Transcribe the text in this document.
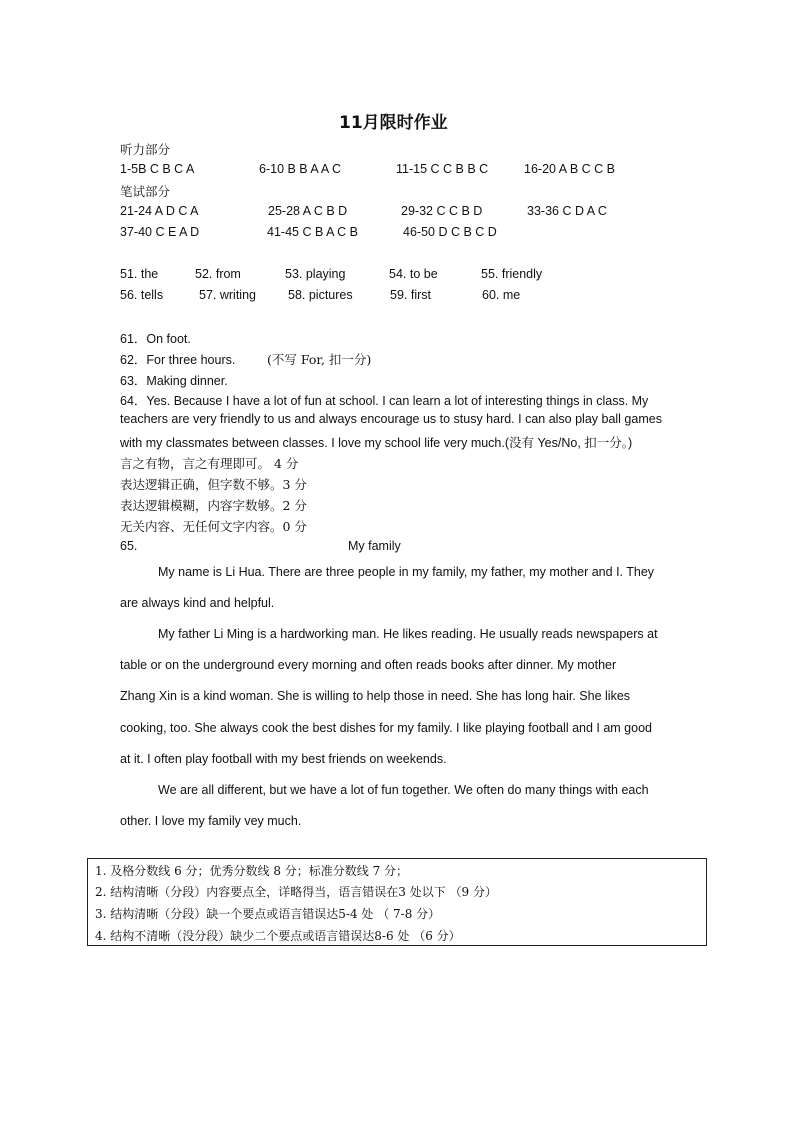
11月限时作业
听力部分
1-5B C B C A	6-10 B B A A C	11-15 C C B B C	16-20 A B C C B
笔试部分
21-24 A D C A	25-28 A C B D	29-32 C C B D	33-36 C D A C
37-40 C E A D	41-45 C B A C B	46-50 D C B C D
51. the	52. from	53. playing	54. to be	55. friendly
56. tells	57. writing	58. pictures	59. first	60. me
61．On foot.
62．For three hours.	(不写 For, 扣一分)
63．Making dinner.
64．Yes. Because I have a lot of fun at school. I can learn a lot of interesting things in class. My
teachers are very friendly to us and always encourage us to stusy hard. I can also play ball games
with my classmates between classes. I love my school life very much.(没有 Yes/No, 扣一分。)
言之有物，言之有理即可。 4 分
表达逻辑正确，但字数不够。3 分
表达逻辑模糊，内容字数够。2 分
无关内容、无任何文字内容。0 分
65.	My family
My name is Li Hua. There are three people in my family, my father, my mother and I. They
are always kind and helpful.
My father Li Ming is a hardworking man. He likes reading. He usually reads newspapers at
table or on the underground every morning and often reads books after dinner. My mother
Zhang Xin is a kind woman. She is willing to help those in need. She has long hair. She likes
cooking, too. She always cook the best dishes for my family. I like playing football and I am good
at it. I often play football with my best friends on weekends.
We are all different, but we have a lot of fun together. We often do many things with each
other. I love my family vey much.
1. 及格分数线 6 分；优秀分数线 8 分；标准分数线 7 分；
2. 结构清晰（分段）内容要点全，详略得当，语言错误在3 处以下 （9 分）
3. 结构清晰（分段）缺一个要点或语言错误达5-4 处 （ 7-8 分）
4. 结构不清晰（没分段）缺少二个要点或语言错误达8-6 处 （6 分）
